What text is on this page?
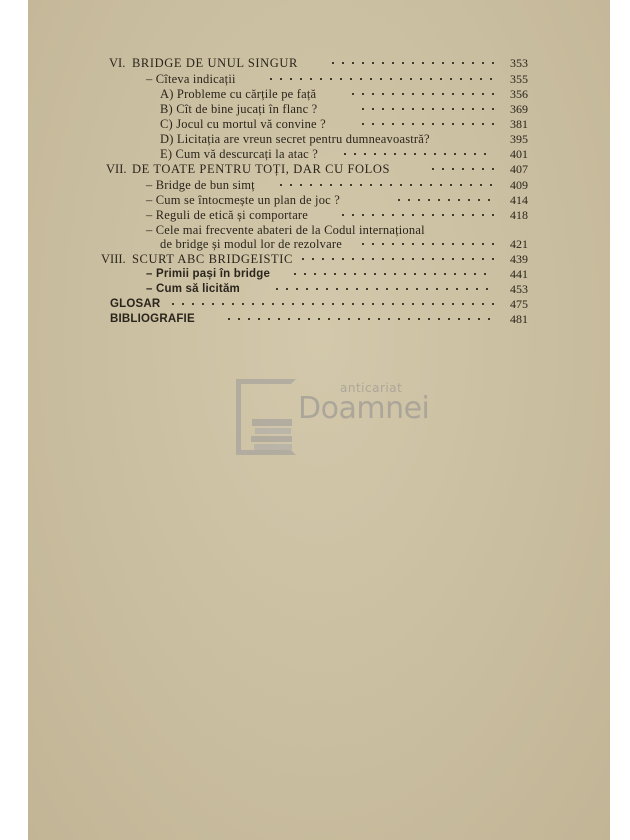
VI. BRIDGE DE UNUL SINGUR	353
– Cîteva indicații	355
A) Probleme cu cărțile pe față	356
B) Cît de bine jucați în flanc ?	369
C) Jocul cu mortul vă convine ?	381
D) Licitația are vreun secret pentru dumneavoastră?	395
E) Cum vă descurcați la atac ?	401
VII. DE TOATE PENTRU TOȚI, DAR CU FOLOS	407
– Bridge de bun simț	409
– Cum se întocmește un plan de joc ?	414
– Reguli de etică și comportare	418
– Cele mai frecvente abateri de la Codul internațional
de bridge și modul lor de rezolvare	421
VIII. SCURT ABC BRIDGEISTIC	439
– Primii pași în bridge	441
– Cum să licităm	453
GLOSAR	475
BIBLIOGRAFIE	481
anticariat
Doamnei
